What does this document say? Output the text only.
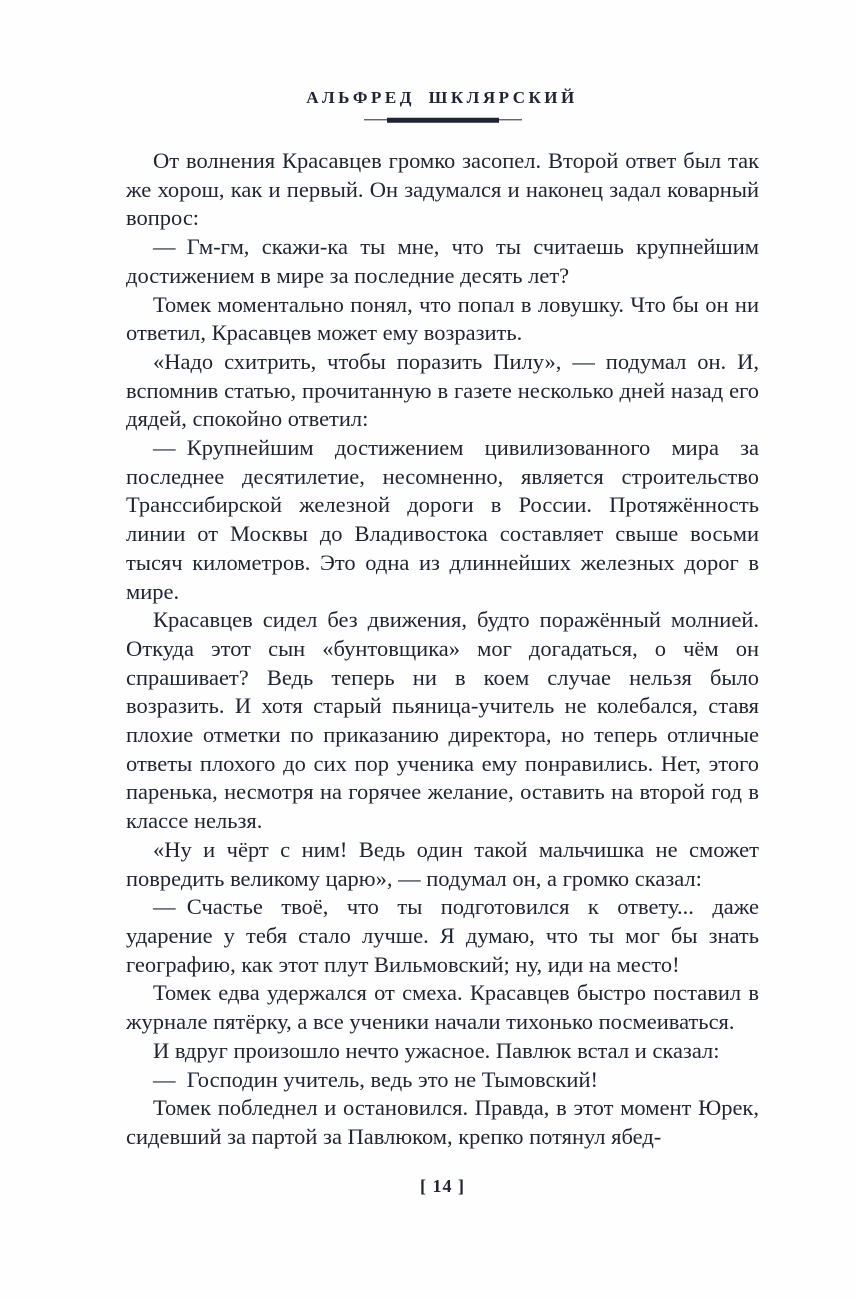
АЛЬФРЕД ШКЛЯРСКИЙ

От волнения Красавцев громко засопел. Второй ответ был так же хорош, как и первый. Он задумался и наконец задал коварный вопрос:

— Гм-гм, скажи-ка ты мне, что ты считаешь крупнейшим достижением в мире за последние десять лет?

Томек моментально понял, что попал в ловушку. Что бы он ни ответил, Красавцев может ему возразить.

«Надо схитрить, чтобы поразить Пилу», — подумал он. И, вспомнив статью, прочитанную в газете несколько дней назад его дядей, спокойно ответил:

— Крупнейшим достижением цивилизованного мира за последнее десятилетие, несомненно, является строительство Транссибирской железной дороги в России. Протяжённость линии от Москвы до Владивостока составляет свыше восьми тысяч километров. Это одна из длиннейших железных дорог в мире.

Красавцев сидел без движения, будто поражённый молнией. Откуда этот сын «бунтовщика» мог догадаться, о чём он спрашивает? Ведь теперь ни в коем случае нельзя было возразить. И хотя старый пьяница-учитель не колебался, ставя плохие отметки по приказанию директора, но теперь отличные ответы плохого до сих пор ученика ему понравились. Нет, этого паренька, несмотря на горячее желание, оставить на второй год в классе нельзя.

«Ну и чёрт с ним! Ведь один такой мальчишка не сможет повредить великому царю», — подумал он, а громко сказал:

— Счастье твоё, что ты подготовился к ответу... даже ударение у тебя стало лучше. Я думаю, что ты мог бы знать географию, как этот плут Вильмовский; ну, иди на место!

Томек едва удержался от смеха. Красавцев быстро поставил в журнале пятёрку, а все ученики начали тихонько посмеиваться.

И вдруг произошло нечто ужасное. Павлюк встал и сказал:

— Господин учитель, ведь это не Тымовский!

Томек побледнел и остановился. Правда, в этот момент Юрек, сидевший за партой за Павлюком, крепко потянул ябед-

[ 14 ]
